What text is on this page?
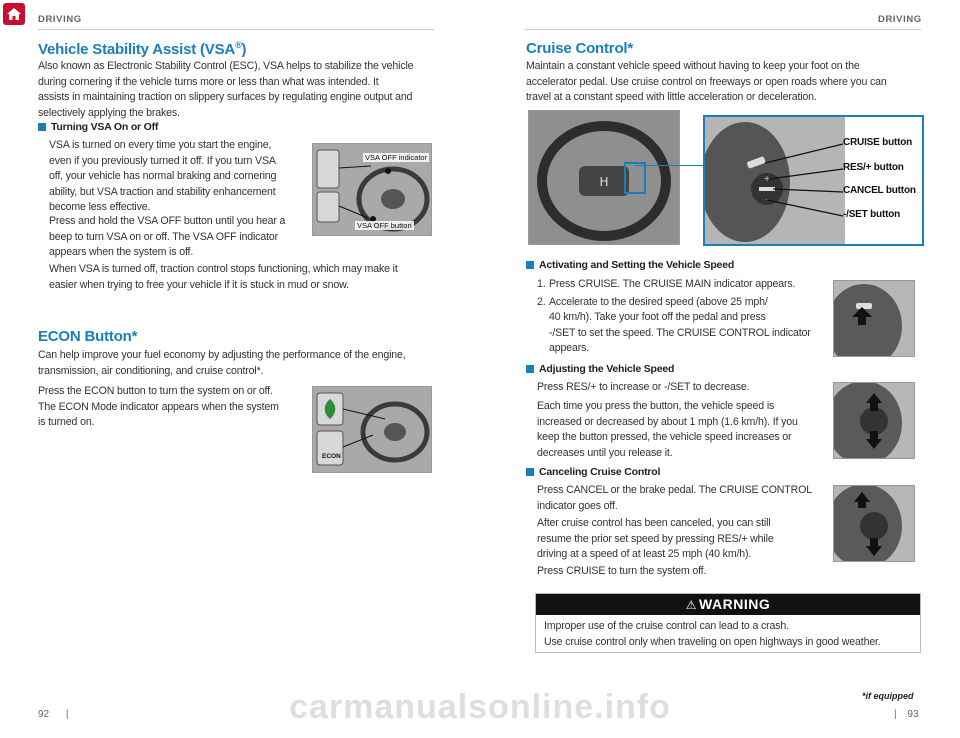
DRIVING
Vehicle Stability Assist (VSA®)
Also known as Electronic Stability Control (ESC), VSA helps to stabilize the vehicle
during cornering if the vehicle turns more or less than what was intended. It
assists in maintaining traction on slippery surfaces by regulating engine output and
selectively applying the brakes.
Turning VSA On or Off
VSA is turned on every time you start the engine,
even if you previously turned it off. If you turn VSA
off, your vehicle has normal braking and cornering
ability, but VSA traction and stability enhancement
become less effective.
Press and hold the VSA OFF button until you hear a
beep to turn VSA on or off. The VSA OFF indicator
appears when the system is off.
When VSA is turned off, traction control stops functioning, which may make it
easier when trying to free your vehicle if it is stuck in mud or snow.
VSA OFF indicator
VSA OFF button
ECON Button*
Can help improve your fuel economy by adjusting the performance of the engine,
transmission, air conditioning, and cruise control*.
Press the ECON button to turn the system on or off.
The ECON Mode indicator appears when the system
is turned on.
ECON
92 |
DRIVING
Cruise Control*
Maintain a constant vehicle speed without having to keep your foot on the
accelerator pedal. Use cruise control on freeways or open roads where you can
travel at a constant speed with little acceleration or deceleration.
H	+
-
CRUISE button
RES/+ button
CANCEL button
-/SET button
Activating and Setting the Vehicle Speed
1. Press CRUISE. The CRUISE MAIN indicator appears.
2. Accelerate to the desired speed (above 25 mph/
40 km/h). Take your foot off the pedal and press
-/SET to set the speed. The CRUISE CONTROL indicator
appears.
Adjusting the Vehicle Speed
Press RES/+ to increase or -/SET to decrease.
Each time you press the button, the vehicle speed is
increased or decreased by about 1 mph (1.6 km/h). If you
keep the button pressed, the vehicle speed increases or
decreases until you release it.
Canceling Cruise Control
Press CANCEL or the brake pedal. The CRUISE CONTROL
indicator goes off.
After cruise control has been canceled, you can still
resume the prior set speed by pressing RES/+ while
driving at a speed of at least 25 mph (40 km/h).
Press CRUISE to turn the system off.
⚠ WARNING
Improper use of the cruise control can lead to a crash.
Use cruise control only when traveling on open highways in good weather.
*if equipped
| 93
carmanualsonline.info
